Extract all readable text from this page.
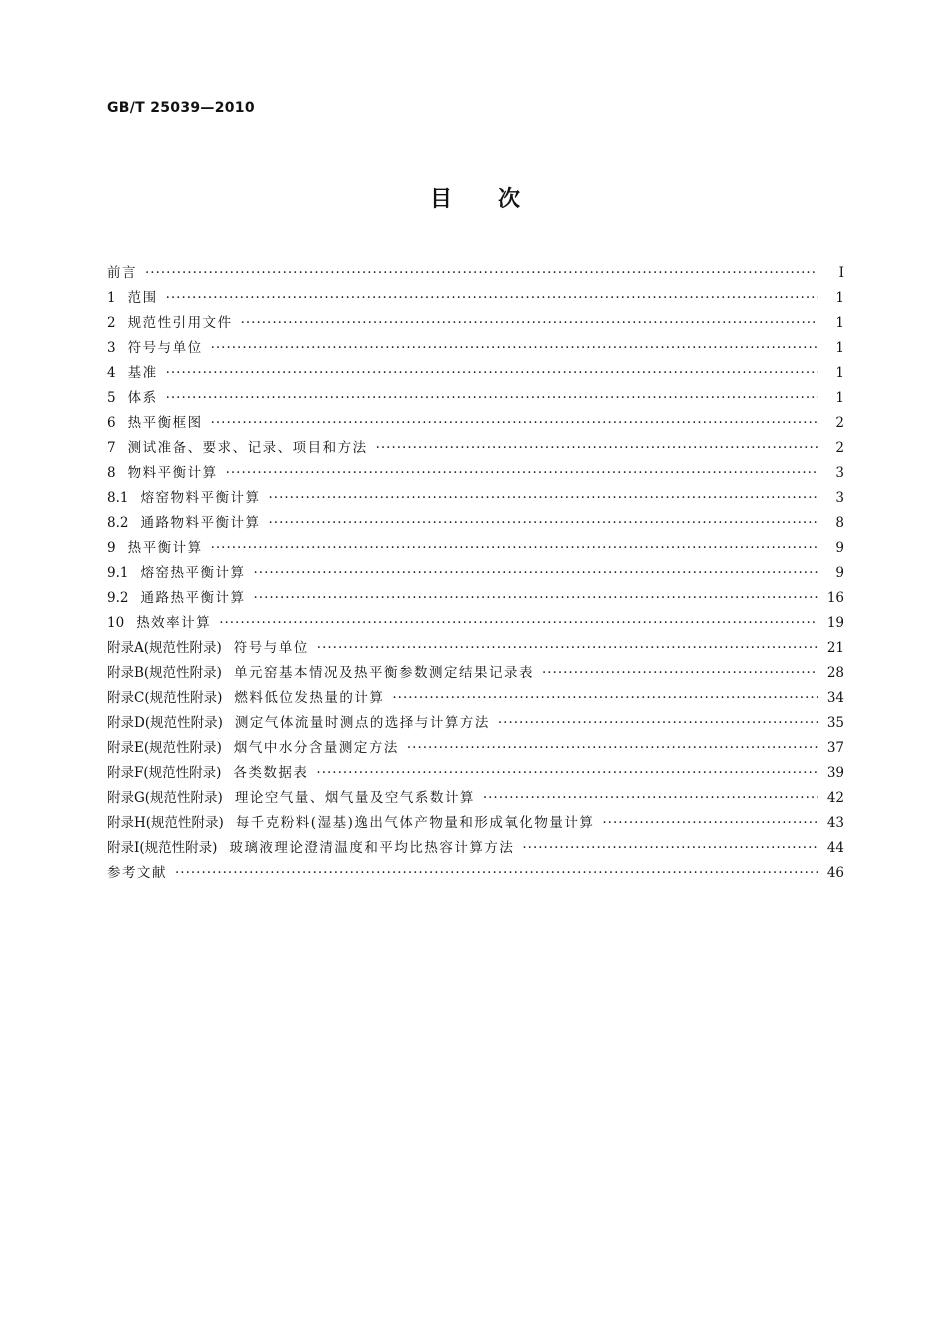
GB/T 25039—2010
目次
前言 ·····	Ⅰ
1 范围 ·····	1
2 规范性引用文件 ·····	1
3 符号与单位 ·····	1
4 基准 ·····	1
5 体系 ·····	1
6 热平衡框图 ·····	2
7 测试准备、要求、记录、项目和方法 ·····	2
8 物料平衡计算 ·····	3
8.1 熔窑物料平衡计算 ·····	3
8.2 通路物料平衡计算 ·····	8
9 热平衡计算 ·····	9
9.1 熔窑热平衡计算 ·····	9
9.2 通路热平衡计算 ·····	16
10 热效率计算 ·····	19
附录A(规范性附录) 符号与单位 ·····	21
附录B(规范性附录) 单元窑基本情况及热平衡参数测定结果记录表 ·····	28
附录C(规范性附录) 燃料低位发热量的计算 ·····	34
附录D(规范性附录) 测定气体流量时测点的选择与计算方法 ·····	35
附录E(规范性附录) 烟气中水分含量测定方法 ·····	37
附录F(规范性附录) 各类数据表 ·····	39
附录G(规范性附录) 理论空气量、烟气量及空气系数计算 ·····	42
附录H(规范性附录) 每千克粉料(湿基)逸出气体产物量和形成氧化物量计算 ·····	43
附录I(规范性附录) 玻璃液理论澄清温度和平均比热容计算方法 ·····	44
参考文献 ·····	46
